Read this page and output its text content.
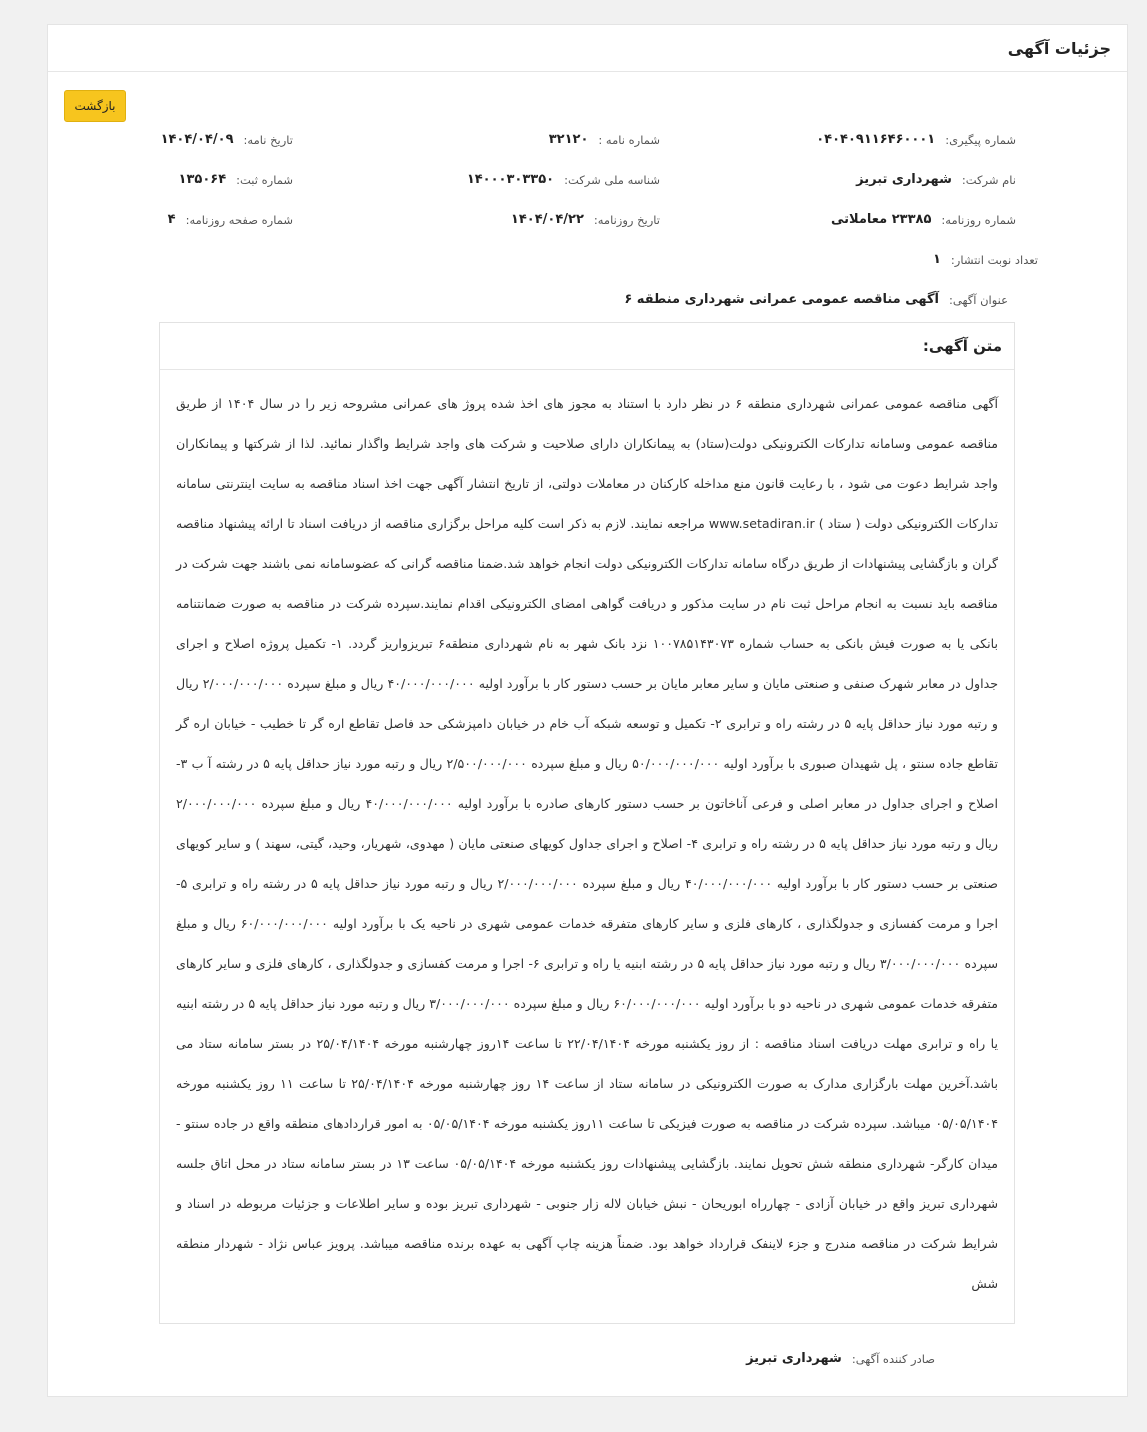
جزئیات آگهی
بازگشت
شماره پیگیری:
۰۴۰۴۰۹۱۱۶۴۶۰۰۰۱
شماره نامه :
۳۲۱۲۰
تاریخ نامه:
۱۴۰۴/۰۴/۰۹
نام شرکت:
شهرداری تبریز
شناسه ملی شرکت:
۱۴۰۰۰۳۰۳۳۵۰
شماره ثبت:
۱۳۵۰۶۴
شماره روزنامه:
۲۳۳۸۵ معاملاتی
تاریخ روزنامه:
۱۴۰۴/۰۴/۲۲
شماره صفحه روزنامه:
۴
تعداد نوبت انتشار:
۱
عنوان آگهی:
آگهی مناقصه عمومی عمرانی شهرداری منطقه ۶
متن آگهی:
آگهی مناقصه عمومی عمرانی شهرداری منطقه ۶ در نظر دارد با استناد به مجوز های اخذ شده پروژ های عمرانی مشروحه زیر را در سال ۱۴۰۴ از طریق مناقصه عمومی وسامانه تدارکات الکترونیکی دولت(ستاد) به پیمانکاران دارای صلاحیت و شرکت های واجد شرایط واگذار نمائید. لذا از شرکتها و پیمانکاران واجد شرایط دعوت می شود ، با رعایت قانون منع مداخله کارکنان در معاملات دولتی، از تاریخ انتشار آگهی جهت اخذ اسناد مناقصه به سایت اینترنتی سامانه تدارکات الکترونیکی دولت ( ستاد ) www.setadiran.ir مراجعه نمایند. لازم به ذکر است کلیه مراحل برگزاری مناقصه از دریافت اسناد تا ارائه پیشنهاد مناقصه گران و بازگشایی پیشنهادات از طریق درگاه سامانه تدارکات الکترونیکی دولت انجام خواهد شد.ضمنا مناقصه گرانی که عضوسامانه نمی باشند جهت شرکت در مناقصه باید نسبت به انجام مراحل ثبت نام در سایت مذکور و دریافت گواهی امضای الکترونیکی اقدام نمایند.سپرده شرکت در مناقصه به صورت ضمانتنامه بانکی یا به صورت فیش بانکی به حساب شماره ۱۰۰۷۸۵۱۴۳۰۷۳ نزد بانک شهر به نام شهرداری منطقه۶ تبریزواریز گردد. ۱- تکمیل پروژه اصلاح و اجرای جداول در معابر شهرک صنفی و صنعتی مایان و سایر معابر مایان بر حسب دستور کار با برآورد اولیه ۴۰/۰۰۰/۰۰۰/۰۰۰ ریال و مبلغ سپرده ۲/۰۰۰/۰۰۰/۰۰۰ ریال و رتبه مورد نیاز حداقل پایه ۵ در رشته راه و ترابری ۲- تکمیل و توسعه شبکه آب خام در خیابان دامپزشکی حد فاصل تقاطع اره گر تا خطیب - خیابان اره گر تقاطع جاده سنتو ، پل شهیدان صبوری با برآورد اولیه ۵۰/۰۰۰/۰۰۰/۰۰۰ ریال و مبلغ سپرده ۲/۵۰۰/۰۰۰/۰۰۰ ریال و رتبه مورد نیاز حداقل پایه ۵ در رشته آ ب ۳- اصلاح و اجرای جداول در معابر اصلی و فرعی آناخاتون بر حسب دستور کارهای صادره با برآورد اولیه ۴۰/۰۰۰/۰۰۰/۰۰۰ ریال و مبلغ سپرده ۲/۰۰۰/۰۰۰/۰۰۰ ریال و رتبه مورد نیاز حداقل پایه ۵ در رشته راه و ترابری ۴- اصلاح و اجرای جداول کویهای صنعتی مایان ( مهدوی، شهریار، وحید، گیتی، سهند ) و سایر کویهای صنعتی بر حسب دستور کار با برآورد اولیه ۴۰/۰۰۰/۰۰۰/۰۰۰ ریال و مبلغ سپرده ۲/۰۰۰/۰۰۰/۰۰۰ ریال و رتبه مورد نیاز حداقل پایه ۵ در رشته راه و ترابری ۵- اجرا و مرمت کفسازی و جدولگذاری ، کارهای فلزی و سایر کارهای متفرقه خدمات عمومی شهری در ناحیه یک با برآورد اولیه ۶۰/۰۰۰/۰۰۰/۰۰۰ ریال و مبلغ سپرده ۳/۰۰۰/۰۰۰/۰۰۰ ریال و رتبه مورد نیاز حداقل پایه ۵ در رشته ابنیه یا راه و ترابری ۶- اجرا و مرمت کفسازی و جدولگذاری ، کارهای فلزی و سایر کارهای متفرقه خدمات عمومی شهری در ناحیه دو با برآورد اولیه ۶۰/۰۰۰/۰۰۰/۰۰۰ ریال و مبلغ سپرده ۳/۰۰۰/۰۰۰/۰۰۰ ریال و رتبه مورد نیاز حداقل پایه ۵ در رشته ابنیه یا راه و ترابری مهلت دریافت اسناد مناقصه : از روز یکشنبه مورخه ۲۲/۰۴/۱۴۰۴ تا ساعت ۱۴روز چهارشنبه مورخه ۲۵/۰۴/۱۴۰۴ در بستر سامانه ستاد می باشد.آخرین مهلت بارگزاری مدارک به صورت الکترونیکی در سامانه ستاد از ساعت ۱۴ روز چهارشنبه مورخه ۲۵/۰۴/۱۴۰۴ تا ساعت ۱۱ روز یکشنبه مورخه ۰۵/۰۵/۱۴۰۴ میباشد. سپرده شرکت در مناقصه به صورت فیزیکی تا ساعت ۱۱روز یکشنبه مورخه ۰۵/۰۵/۱۴۰۴ به امور قراردادهای منطقه واقع در جاده سنتو - میدان کارگر- شهرداری منطقه شش تحویل نمایند. بازگشایی پیشنهادات روز یکشنبه مورخه ۰۵/۰۵/۱۴۰۴ ساعت ۱۳ در بستر سامانه ستاد در محل اتاق جلسه شهرداری تبریز واقع در خیابان آزادی - چهارراه ابوریحان - نبش خیابان لاله زار جنوبی - شهرداری تبریز بوده و سایر اطلاعات و جزئیات مربوطه در اسناد و شرایط شرکت در مناقصه مندرج و جزء لاینفک قرارداد خواهد بود. ضمناً هزینه چاپ آگهی به عهده برنده مناقصه میباشد. پرویز عباس نژاد - شهردار منطقه شش
صادر کننده آگهی:
شهرداری تبریز
